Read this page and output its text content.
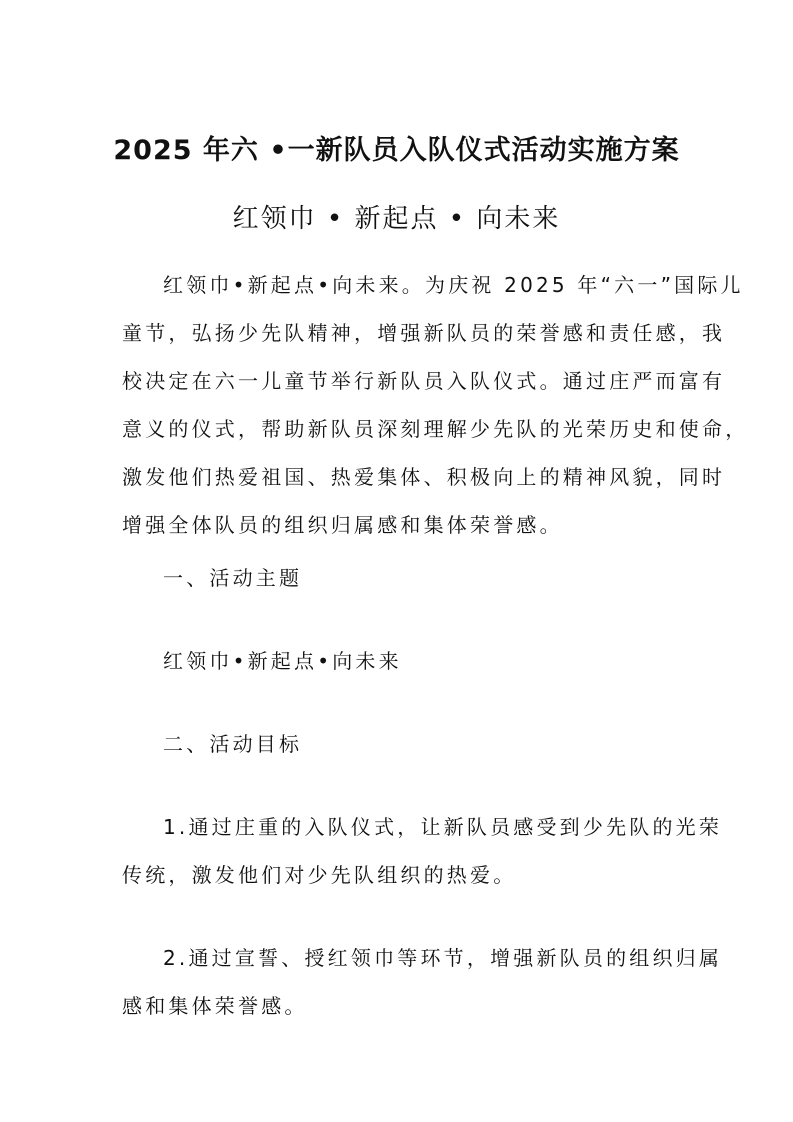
2025 年六 •一新队员入队仪式活动实施方案
红领巾 • 新起点 • 向未来
红领巾•新起点•向未来。为庆祝 2025 年“六一”国际儿
童节，弘扬少先队精神，增强新队员的荣誉感和责任感，我
校决定在六一儿童节举行新队员入队仪式。通过庄严而富有
意义的仪式，帮助新队员深刻理解少先队的光荣历史和使命，
激发他们热爱祖国、热爱集体、积极向上的精神风貌，同时
增强全体队员的组织归属感和集体荣誉感。
一、活动主题
红领巾•新起点•向未来
二、活动目标
1.通过庄重的入队仪式，让新队员感受到少先队的光荣
传统，激发他们对少先队组织的热爱。
2.通过宣誓、授红领巾等环节，增强新队员的组织归属
感和集体荣誉感。
